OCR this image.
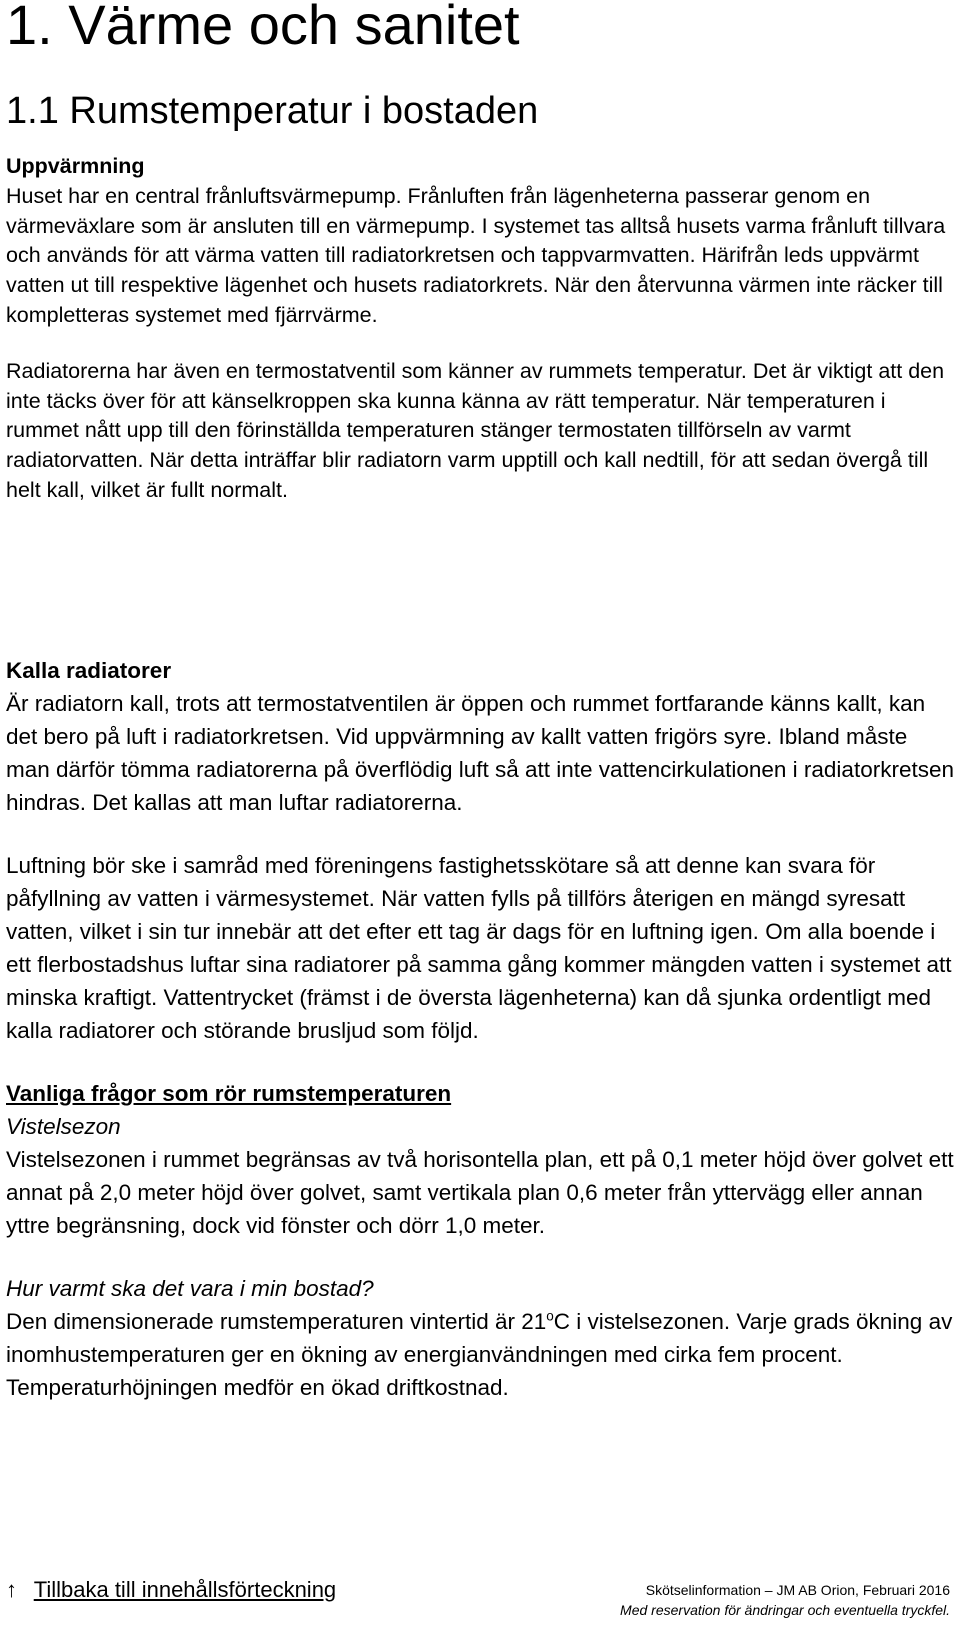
1. Värme och sanitet
1.1 Rumstemperatur i bostaden

Uppvärmning

Huset har en central frånluftsvärmepump. Frånluften från lägenheterna passerar genom en värmeväxlare som är ansluten till en värmepump. I systemet tas alltså husets varma frånluft tillvara och används för att värma vatten till radiatorkretsen och tappvarmvatten. Härifrån leds uppvärmt vatten ut till respektive lägenhet och husets radiatorkrets. När den återvunna värmen inte räcker till kompletteras systemet med fjärrvärme.

Radiatorerna har även en termostatventil som känner av rummets temperatur. Det är viktigt att den inte täcks över för att känselkroppen ska kunna känna av rätt temperatur. När temperaturen i rummet nått upp till den förinställda temperaturen stänger termostaten tillförseln av varmt radiatorvatten. När detta inträffar blir radiatorn varm upptill och kall nedtill, för att sedan övergå till helt kall, vilket är fullt normalt.

Kalla radiatorer

Är radiatorn kall, trots att termostatventilen är öppen och rummet fortfarande känns kallt, kan det bero på luft i radiatorkretsen. Vid uppvärmning av kallt vatten frigörs syre. Ibland måste man därför tömma radiatorerna på överflödig luft så att inte vattencirkulationen i radiatorkretsen hindras. Det kallas att man luftar radiatorerna.

Luftning bör ske i samråd med föreningens fastighetsskötare så att denne kan svara för påfyllning av vatten i värmesystemet. När vatten fylls på tillförs återigen en mängd syresatt vatten, vilket i sin tur innebär att det efter ett tag är dags för en luftning igen. Om alla boende i ett flerbostadshus luftar sina radiatorer på samma gång kommer mängden vatten i systemet att minska kraftigt. Vattentrycket (främst i de översta lägenheterna) kan då sjunka ordentligt med kalla radiatorer och störande brusljud som följd.

Vanliga frågor som rör rumstemperaturen

Vistelsezon

Vistelsezonen i rummet begränsas av två horisontella plan, ett på 0,1 meter höjd över golvet ett annat på 2,0 meter höjd över golvet, samt vertikala plan 0,6 meter från yttervägg eller annan yttre begränsning, dock vid fönster och dörr 1,0 meter.

Hur varmt ska det vara i min bostad?

Den dimensionerade rumstemperaturen vintertid är 21$^o$C i vistelsezonen. Varje grads ökning av inomhustemperaturen ger en ökning av energianvändningen med cirka fem procent. Temperaturhöjningen medför en ökad driftkostnad.

↑ Tillbaka till innehållsförteckning	Skötselinformation – JM AB Orion, Februari 2016
Med reservation för ändringar och eventuella tryckfel.
